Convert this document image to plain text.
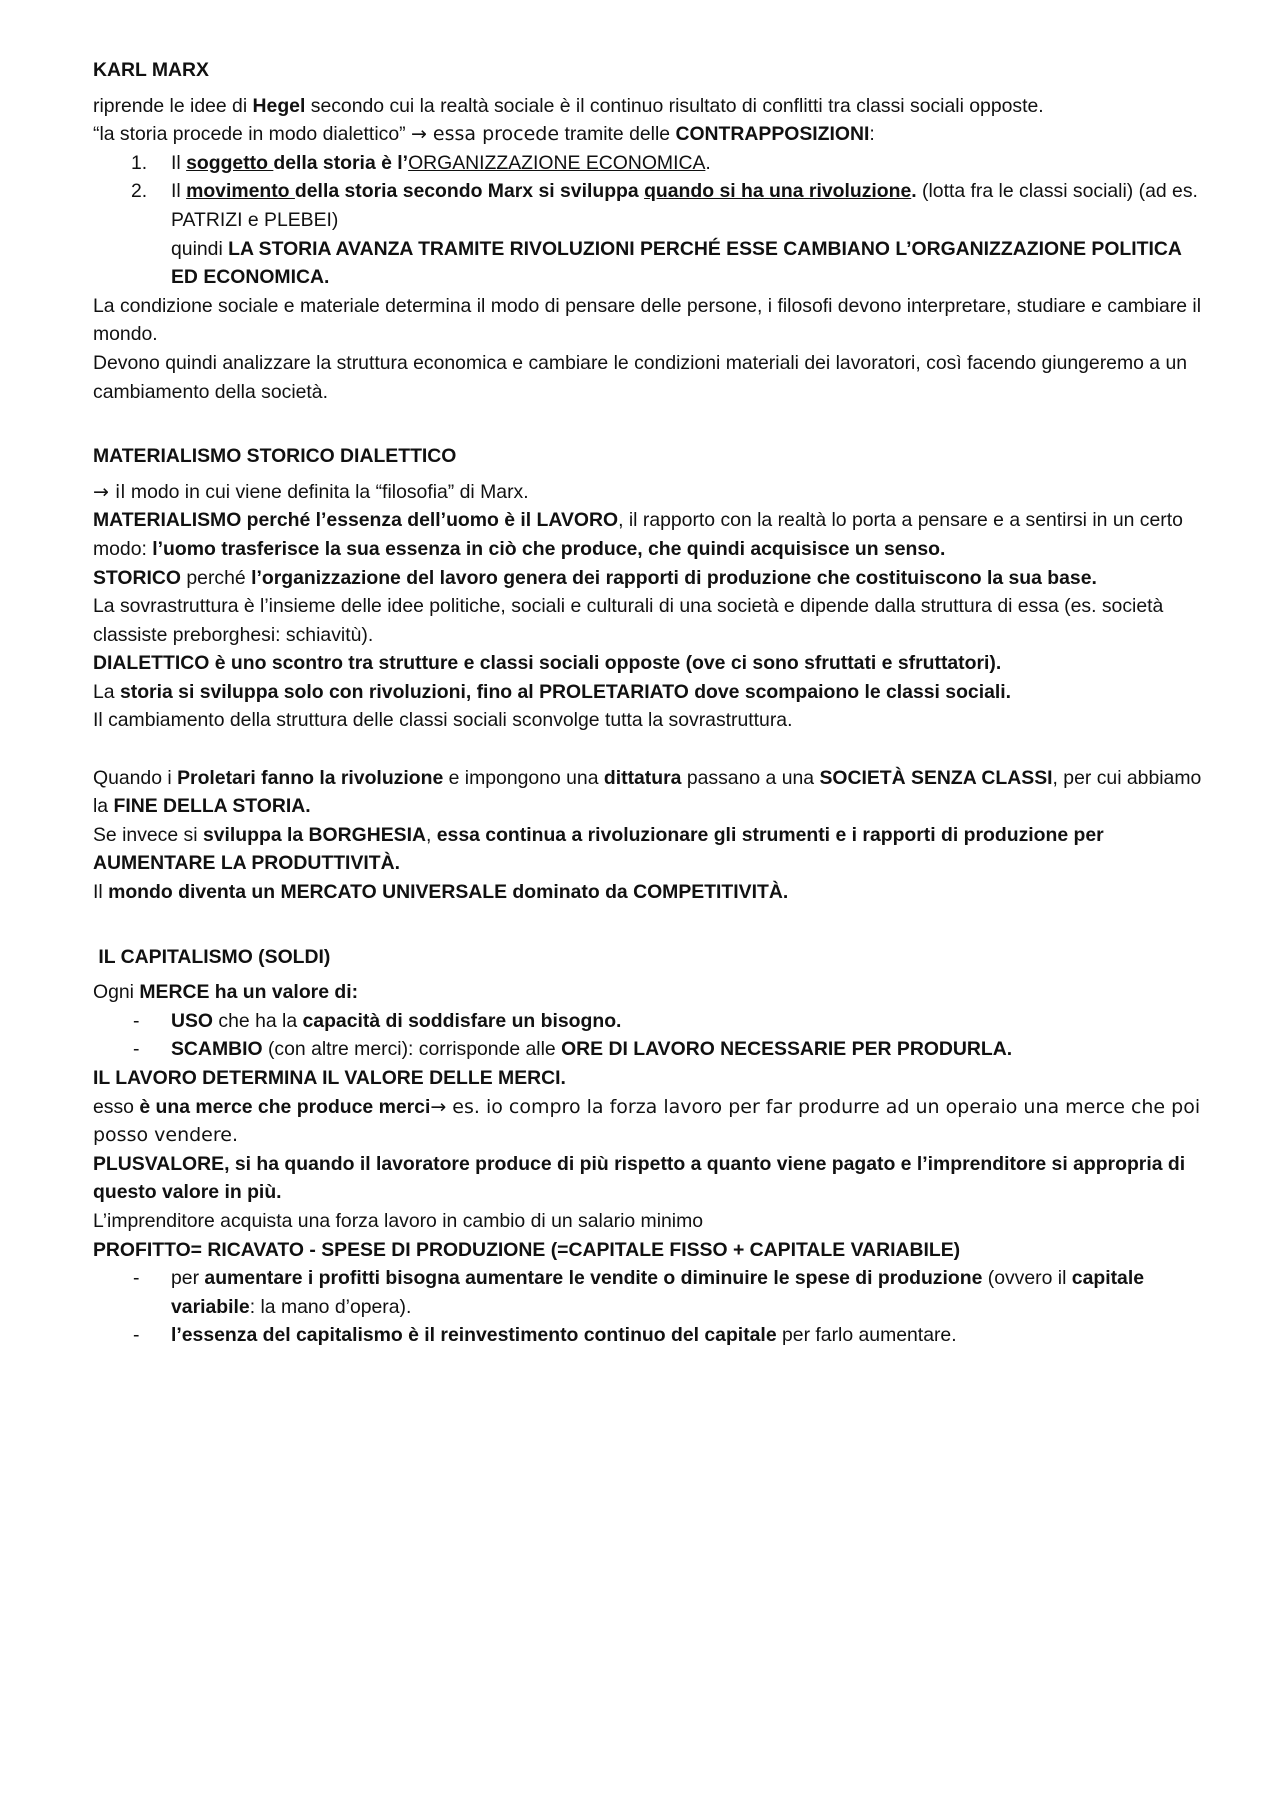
KARL MARX

riprende le idee di Hegel secondo cui la realtà sociale è il continuo risultato di conflitti tra classi sociali opposte.

“la storia procede in modo dialettico” → essa procede tramite delle CONTRAPPOSIZIONI:

1.	Il soggetto della storia è l’ORGANIZZAZIONE ECONOMICA.
2.	Il movimento della storia secondo Marx si sviluppa quando si ha una rivoluzione. (lotta fra le classi sociali) (ad es. PATRIZI e PLEBEI)

quindi LA STORIA AVANZA TRAMITE RIVOLUZIONI PERCHÉ ESSE CAMBIANO L’ORGANIZZAZIONE POLITICA ED ECONOMICA.

La condizione sociale e materiale determina il modo di pensare delle persone, i filosofi devono interpretare, studiare e cambiare il mondo.

Devono quindi analizzare la struttura economica e cambiare le condizioni materiali dei lavoratori, così facendo giungeremo a un cambiamento della società.

MATERIALISMO STORICO DIALETTICO

→ il modo in cui viene definita la “filosofia” di Marx.

MATERIALISMO perché l’essenza dell’uomo è il LAVORO, il rapporto con la realtà lo porta a pensare e a sentirsi in un certo modo: l’uomo trasferisce la sua essenza in ciò che produce, che quindi acquisisce un senso.

STORICO perché l’organizzazione del lavoro genera dei rapporti di produzione che costituiscono la sua base.

La sovrastruttura è l’insieme delle idee politiche, sociali e culturali di una società e dipende dalla struttura di essa (es. società classiste preborghesi: schiavitù).

DIALETTICO è uno scontro tra strutture e classi sociali opposte (ove ci sono sfruttati e sfruttatori).

La storia si sviluppa solo con rivoluzioni, fino al PROLETARIATO dove scompaiono le classi sociali.

Il cambiamento della struttura delle classi sociali sconvolge tutta la sovrastruttura.

Quando i Proletari fanno la rivoluzione e impongono una dittatura passano a una SOCIETÀ SENZA CLASSI, per cui abbiamo la FINE DELLA STORIA.

Se invece si sviluppa la BORGHESIA, essa continua a rivoluzionare gli strumenti e i rapporti di produzione per AUMENTARE LA PRODUTTIVITÀ.

Il mondo diventa un MERCATO UNIVERSALE dominato da COMPETITIVITÀ.

IL CAPITALISMO (SOLDI)

Ogni MERCE ha un valore di:

-	USO che ha la capacità di soddisfare un bisogno.
-	SCAMBIO (con altre merci): corrisponde alle ORE DI LAVORO NECESSARIE PER PRODURLA.

IL LAVORO DETERMINA IL VALORE DELLE MERCI.

esso è una merce che produce merci→ es. io compro la forza lavoro per far produrre ad un operaio una merce che poi posso vendere.

PLUSVALORE, si ha quando il lavoratore produce di più rispetto a quanto viene pagato e l’imprenditore si appropria di questo valore in più.

L’imprenditore acquista una forza lavoro in cambio di un salario minimo

PROFITTO= RICAVATO - SPESE DI PRODUZIONE (=CAPITALE FISSO + CAPITALE VARIABILE)

-	per aumentare i profitti bisogna aumentare le vendite o diminuire le spese di produzione (ovvero il capitale variabile: la mano d’opera).
-	l’essenza del capitalismo è il reinvestimento continuo del capitale per farlo aumentare.
